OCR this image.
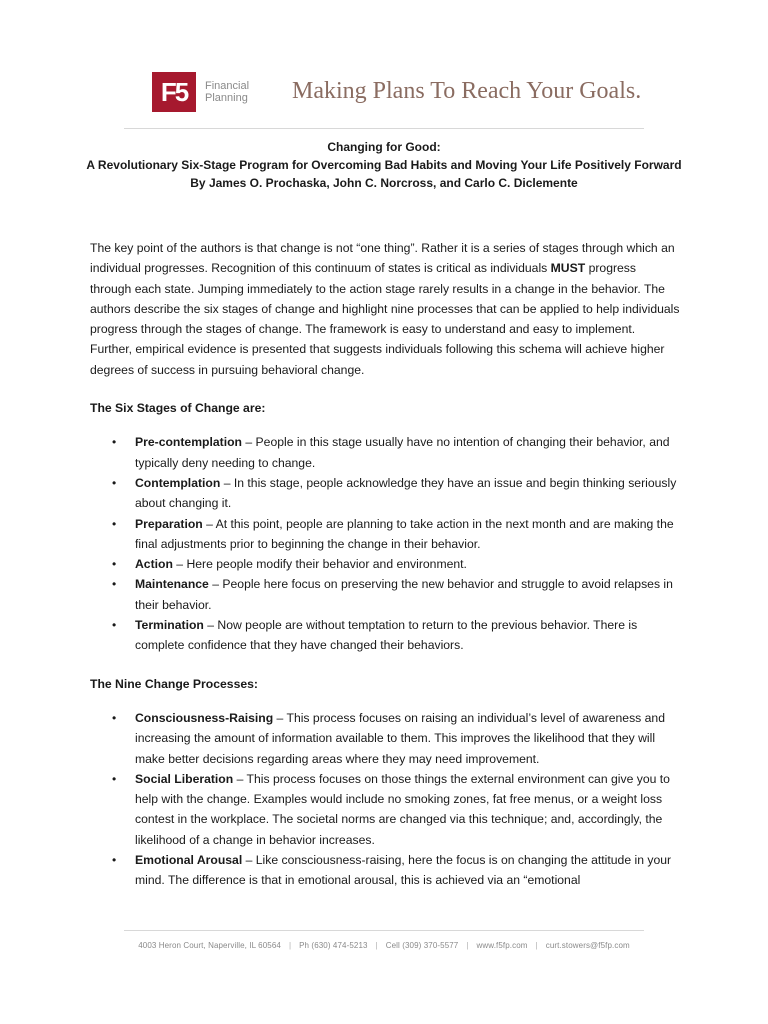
F5	Financial
Planning Making Plans To Reach Your Goals.
Changing for Good:
A Revolutionary Six-Stage Program for Overcoming Bad Habits and Moving Your Life Positively Forward
By James O. Prochaska, John C. Norcross, and Carlo C. Diclemente

The key point of the authors is that change is not “one thing”. Rather it is a series of stages through which an individual progresses. Recognition of this continuum of states is critical as individuals MUST progress through each state. Jumping immediately to the action stage rarely results in a change in the behavior. The authors describe the six stages of change and highlight nine processes that can be applied to help individuals progress through the stages of change. The framework is easy to understand and easy to implement. Further, empirical evidence is presented that suggests individuals following this schema will achieve higher degrees of success in pursuing behavioral change.

The Six Stages of Change are:

• Pre-contemplation – People in this stage usually have no intention of changing their behavior, and typically deny needing to change.
• Contemplation – In this stage, people acknowledge they have an issue and begin thinking seriously about changing it.
• Preparation – At this point, people are planning to take action in the next month and are making the final adjustments prior to beginning the change in their behavior.
• Action – Here people modify their behavior and environment.
• Maintenance – People here focus on preserving the new behavior and struggle to avoid relapses in their behavior.
• Termination – Now people are without temptation to return to the previous behavior. There is complete confidence that they have changed their behaviors.

The Nine Change Processes:

• Consciousness-Raising – This process focuses on raising an individual’s level of awareness and increasing the amount of information available to them. This improves the likelihood that they will make better decisions regarding areas where they may need improvement.
• Social Liberation – This process focuses on those things the external environment can give you to help with the change. Examples would include no smoking zones, fat free menus, or a weight loss contest in the workplace. The societal norms are changed via this technique; and, accordingly, the likelihood of a change in behavior increases.
• Emotional Arousal – Like consciousness-raising, here the focus is on changing the attitude in your mind. The difference is that in emotional arousal, this is achieved via an “emotional
4003 Heron Court, Naperville, IL 60564 | Ph (630) 474-5213 | Cell (309) 370-5577 | www.f5fp.com | curt.stowers@f5fp.com
